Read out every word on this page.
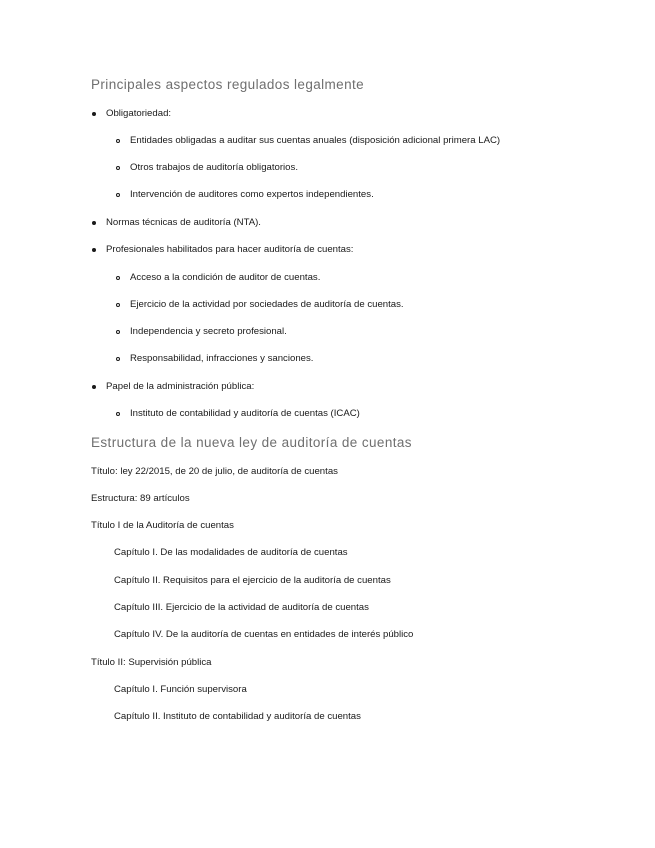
Principales aspectos regulados legalmente
Obligatoriedad:
Entidades obligadas a auditar sus cuentas anuales (disposición adicional primera LAC)
Otros trabajos de auditoría obligatorios.
Intervención de auditores como expertos independientes.
Normas técnicas de auditoría (NTA).
Profesionales habilitados para hacer auditoría de cuentas:
Acceso a la condición de auditor de cuentas.
Ejercicio de la actividad por sociedades de auditoría de cuentas.
Independencia y secreto profesional.
Responsabilidad, infracciones y sanciones.
Papel de la administración pública:
Instituto de contabilidad y auditoría de cuentas (ICAC)
Estructura de la nueva ley de auditoría de cuentas
Título: ley 22/2015, de 20 de julio, de auditoría de cuentas
Estructura: 89 artículos
Título I de la Auditoría de cuentas
Capítulo I. De las modalidades de auditoría de cuentas
Capítulo II. Requisitos para el ejercicio de la auditoría de cuentas
Capítulo III. Ejercicio de la actividad de auditoría de cuentas
Capítulo IV. De la auditoría de cuentas en entidades de interés público
Título II: Supervisión pública
Capítulo I. Función supervisora
Capítulo II. Instituto de contabilidad y auditoría de cuentas
